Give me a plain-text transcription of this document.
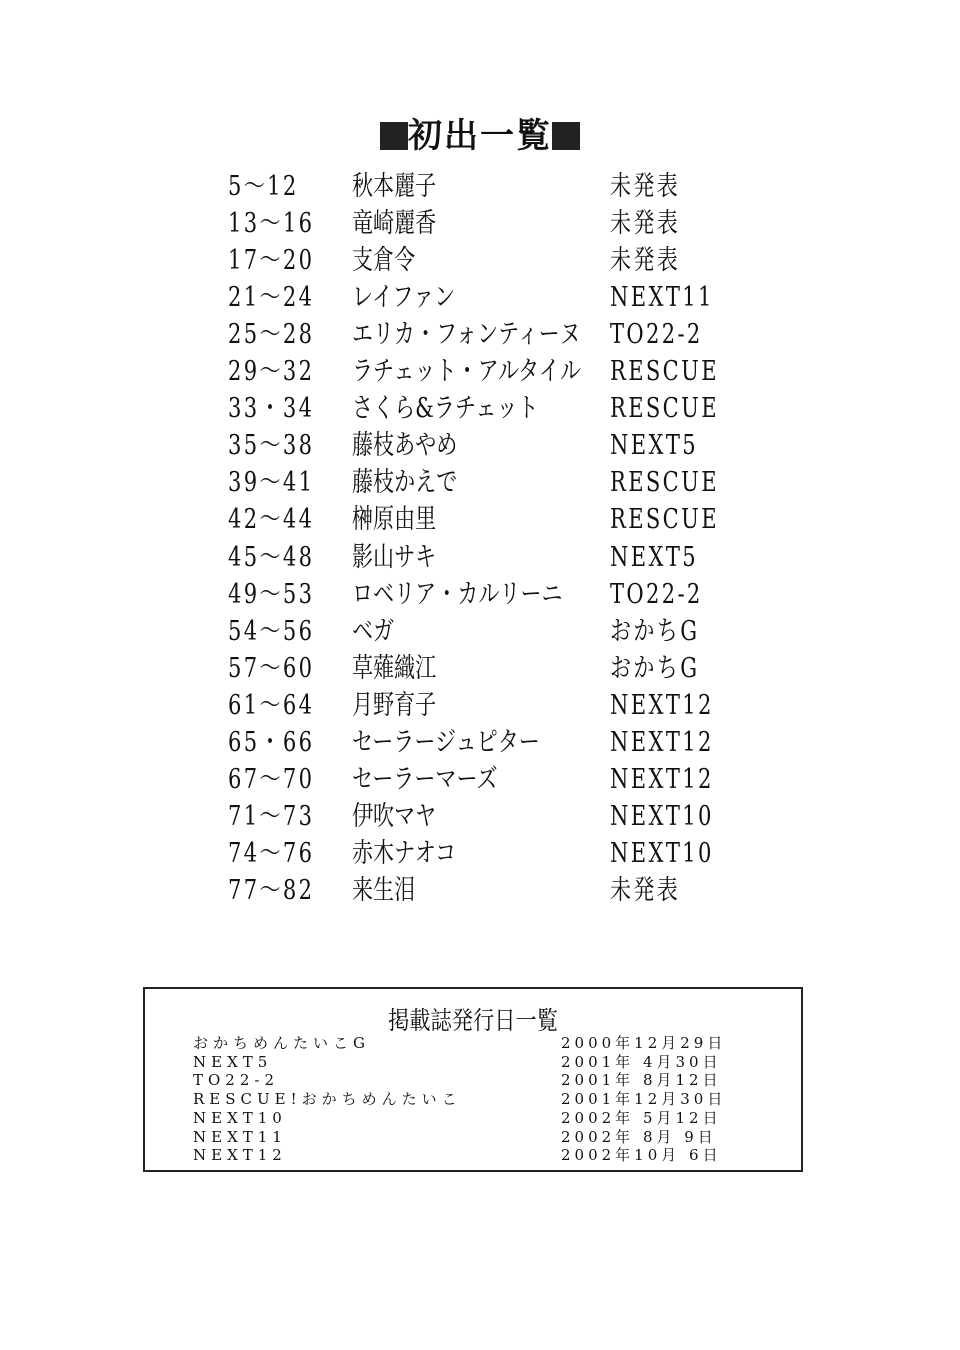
初出一覧
5～12 秋本麗子	未発表
13～16 竜崎麗香	未発表
17～20 支倉令	未発表
21～24 レイファン	NEXT11
25～28 エリカ・フォンティーヌ TO22-2
29～32 ラチェット・アルタイル RESCUE
33・34 さくら&ラチェット	RESCUE
35～38 藤枝あやめ	NEXT5
39～41 藤枝かえで	RESCUE
42～44 榊原由里	RESCUE
45～48 影山サキ	NEXT5
49～53 ロベリア・カルリーニ TO22-2
54～56 ベガ	おかちG
57～60 草薙織江	おかちG
61～64 月野育子	NEXT12
65・66 セーラージュピター	NEXT12
67～70 セーラーマーズ	NEXT12
71～73 伊吹マヤ	NEXT10
74～76 赤木ナオコ	NEXT10
77～82 来生泪	未発表
掲載誌発行日一覧
おかちめんたいこG	2000年12月29日
NEXT5	2001年 4月30日
TO22-2	2001年 8月12日
RESCUE!おかちめんたいこ	2001年12月30日
NEXT10	2002年 5月12日
NEXT11	2002年 8月 9日
NEXT12	2002年10月 6日
